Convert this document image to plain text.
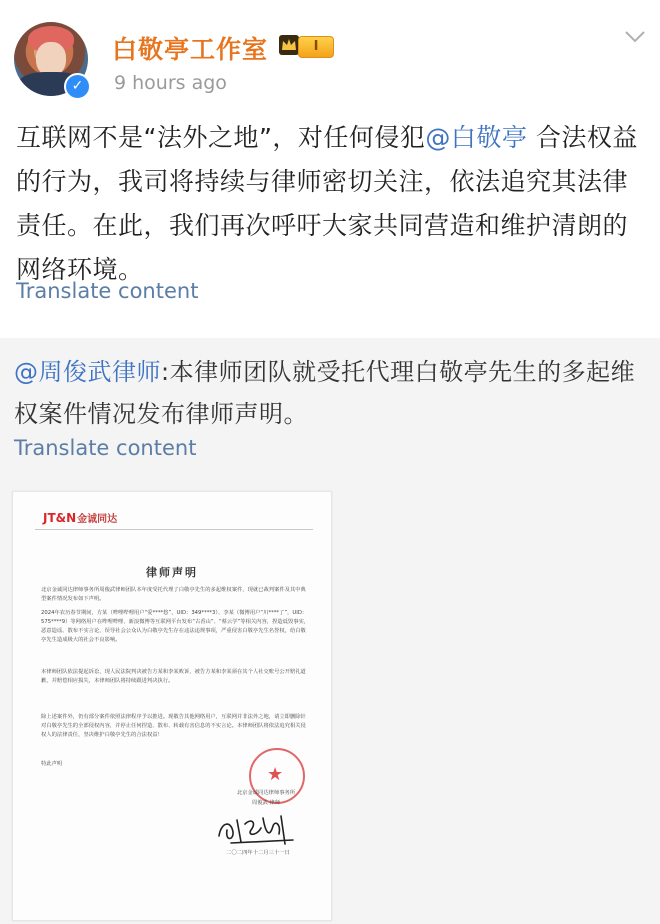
✓
白敬亭工作室	I
9 hours ago
互联网不是“法外之地”，对任何侵犯@白敬亭 合法权益的行为，我司将持续与律师密切关注，依法追究其法律责任。在此，我们再次呼吁大家共同营造和维护清朗的网络环境。
Translate content
@周俊武律师:本律师团队就受托代理白敬亭先生的多起维权案件情况发布律师声明。
Translate content
JT&N金诚同达
律师声明
北京金诚同达律师事务所周俊武律师团队本年度受托代理了白敬亭先生的多起维权案件，现就已裁判案件及其中典型案件情况发布如下声明。
2024年农历春节期间，方某（哔哩哔哩用户“爱****悠”，UID：349****3）、李某（微博用户“川****了”，UID：575****9）等网络用户在哔哩哔哩、新浪微博等互联网平台发布“古香山”、“蔡云学”等相关内容，捏造诋毁事实，恶意造谣、散布不实言论，误导社会公众认为白敬亭先生存在违法违规事项，严重侵害白敬亭先生名誉权，给白敬亭先生造成极大的社会不良影响。
本律师团队依法提起诉讼，现人民法院判决被告方某和李某败诉，被告方某和李某须在其个人社交账号公开赔礼道歉，并赔偿相应损失，本律师团队将持续跟进判决执行。
除上述案件外，仍有部分案件依照法律程序予以推进。现敬告其他网络用户，互联网并非法外之地，请立即删除针对白敬亭先生的全部侵权内容，并停止任何捏造、散布、转载有害信息的不实言论。本律师团队将依法追究相关侵权人的法律责任，坚决维护白敬亭先生的合法权益！
特此声明	★
北京金诚同达律师事务所
周俊武 律师
二〇二四年十二月三十一日
